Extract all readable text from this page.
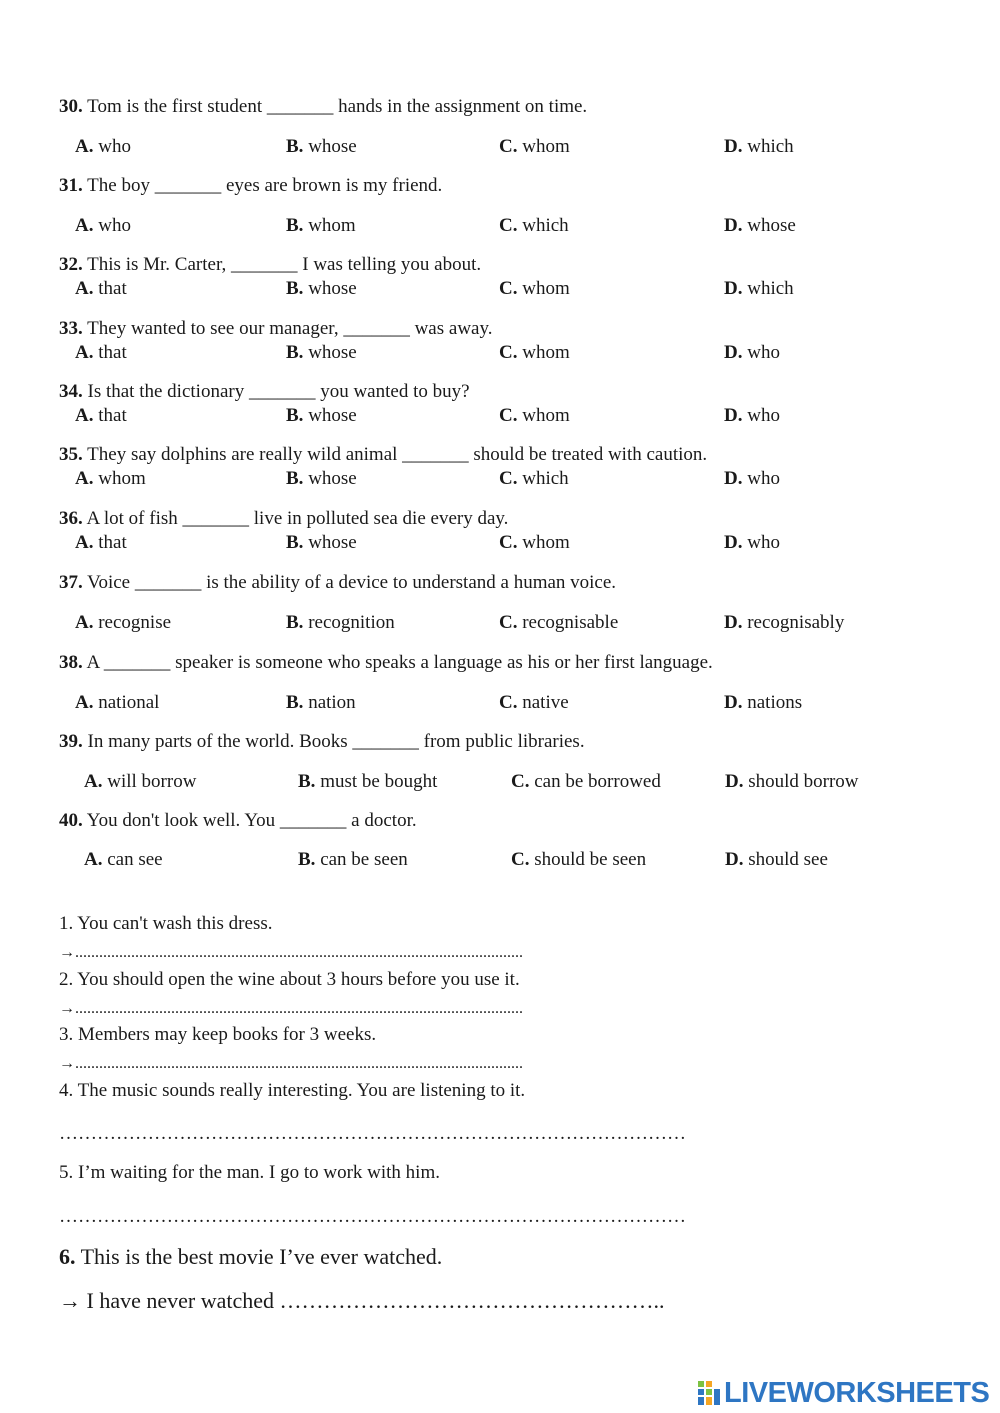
30. Tom is the first student _______ hands in the assignment on time.
A. who	B. whose	C. whom	D. which
31. The boy _______ eyes are brown is my friend.
A. who	B. whom	C. which	D. whose
32. This is Mr. Carter, _______ I was telling you about.
A. that	B. whose	C. whom	D. which
33. They wanted to see our manager, _______ was away.
A. that	B. whose	C. whom	D. who
34. Is that the dictionary _______ you wanted to buy?
A. that	B. whose	C. whom	D. who
35. They say dolphins are really wild animal _______ should be treated with caution.
A. whom	B. whose	C. which	D. who
36. A lot of fish _______ live in polluted sea die every day.
A. that	B. whose	C. whom	D. who
37. Voice _______ is the ability of a device to understand a human voice.
A. recognise	B. recognition	C. recognisable	D. recognisably
38. A _______ speaker is someone who speaks a language as his or her first language.
A. national	B. nation	C. native	D. nations
39. In many parts of the world. Books _______ from public libraries.
A. will borrow	B. must be bought	C. can be borrowed	D. should borrow
40. You don't look well. You _______ a doctor.
A. can see	B. can be seen	C. should be seen	D. should see
1. You can't wash this dress.
→................................................................................................................
2. You should open the wine about 3 hours before you use it.
→................................................................................................................
3. Members may keep books for 3 weeks.
→................................................................................................................
4. The music sounds really interesting. You are listening to it.
………………………………………………………………………………………
5. I’m waiting for the man. I go to work with him.
………………………………………………………………………………………
6. This is the best movie I’ve ever watched.
→ I have never watched ……………………………………………..
LIVEWORKSHEETS
